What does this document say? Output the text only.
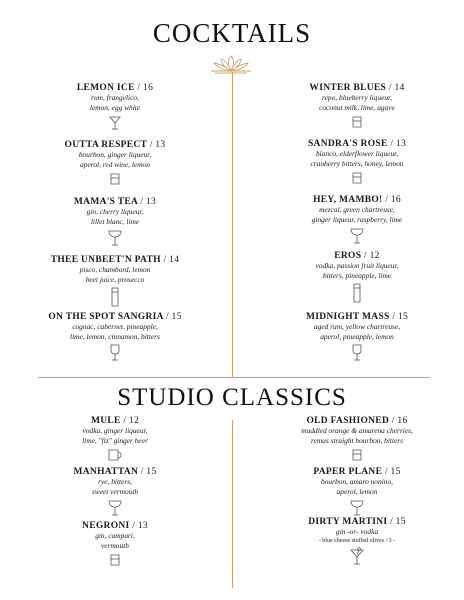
COCKTAILS
STUDIO CLASSICS
LEMON ICE / 16
rum, frangelico,
lemon, egg white
OUTTA RESPECT / 13
bourbon, ginger liqueur,
aperol, red wine, lemon
MAMA'S TEA / 13
gin, cherry liqueur,
lillet blanc, lime
THEE UNBEET'N PATH / 14
pisco, chambord, lemon
beet juice, prosecco
ON THE SPOT SANGRIA / 15
cognac, cabernet, pineapple,
lime, lemon, cinnamon, bitters
WINTER BLUES / 14
repo, blueberry liqueur,
coconut milk, lime, agave
SANDRA'S ROSE / 13
blanco, elderflower liqueur,
cranberry bitters, honey, lemon
HEY, MAMBO! / 16
mezcal, green chartreuse,
ginger liqueur, raspberry, lime
EROS / 12
vodka, passion fruit liqueur,
bitters, pineapple, lime
MIDNIGHT MASS / 15
aged rum, yellow chartreuse,
aperol, pineapple, lemon
MULE / 12
vodka, ginger liqueur,
lime, "fiz" ginger beer
MANHATTAN / 15
rye, bitters,
sweet vermouth
NEGRONI / 13
gin, campari,
vermouth
OLD FASHIONED / 16
muddled orange & amarena cherries,
remus straight bourbon, bitters
PAPER PLANE / 15
bourbon, amaro nonino,
aperol, lemon
DIRTY MARTINI / 15
gin -or- vodka
- blue cheese stuffed olives / 3 -
